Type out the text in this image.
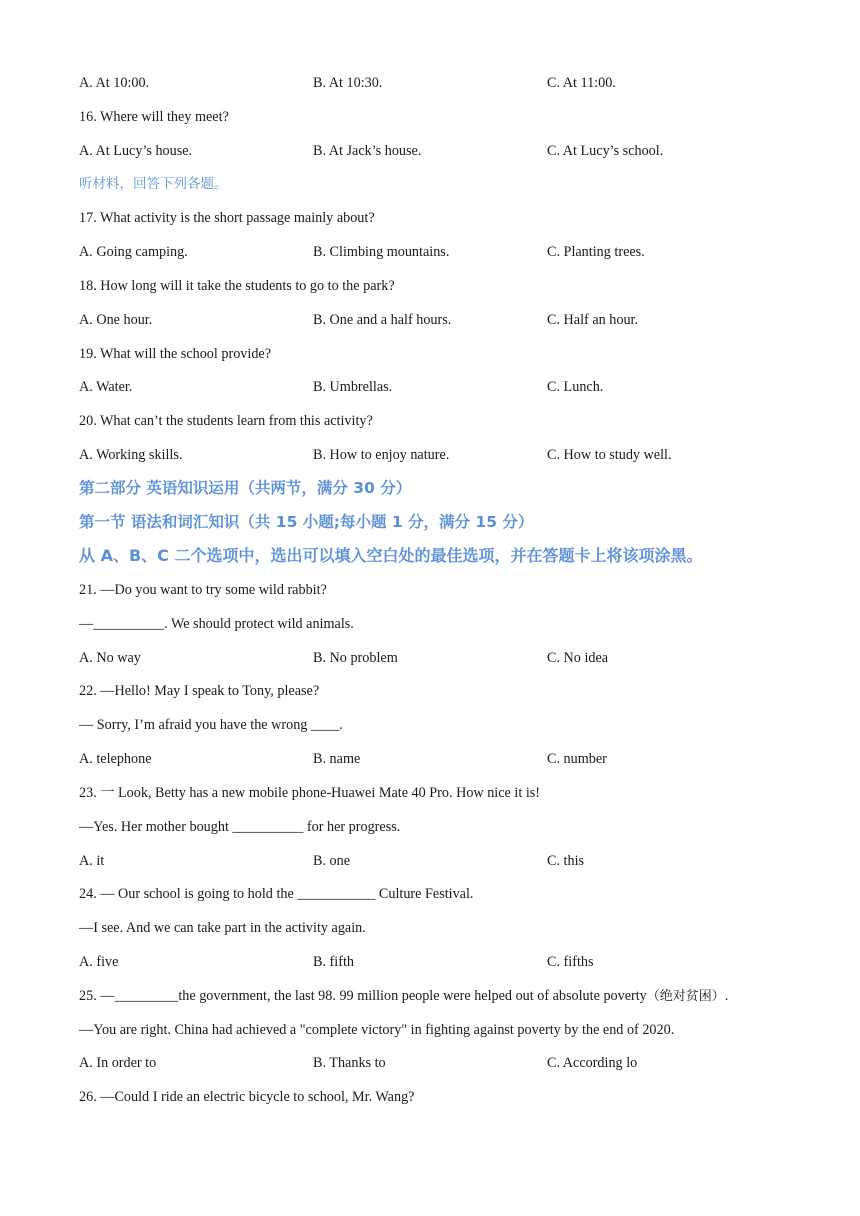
A. At 10:00.	B. At 10:30.	C. At 11:00.
16. Where will they meet?
A. At Lucy’s house.	B. At Jack’s house.	C. At Lucy’s school.
听材料，回答下列各题。
17. What activity is the short passage mainly about?
A. Going camping.	B. Climbing mountains.	C. Planting trees.
18. How long will it take the students to go to the park?
A. One hour.	B. One and a half hours.	C. Half an hour.
19. What will the school provide?
A. Water.	B. Umbrellas.	C. Lunch.
20. What can’t the students learn from this activity?
A. Working skills.	B. How to enjoy nature.	C. How to study well.
第二部分 英语知识运用（共两节，满分 30 分）
第一节 语法和词汇知识（共 15 小题;每小题 1 分，满分 15 分）
从 A、B、C 二个选项中，选出可以填入空白处的最佳选项，并在答题卡上将该项涂黑。
21. —Do you want to try some wild rabbit?
—__________. We should protect wild animals.
A. No way	B. No problem	C. No idea
22. —Hello! May I speak to Tony, please?
— Sorry, I’m afraid you have the wrong ____.
A. telephone	B. name	C. number
23. 一 Look, Betty has a new mobile phone-Huawei Mate 40 Pro. How nice it is!
—Yes. Her mother bought __________ for her progress.
A. it	B. one	C. this
24. — Our school is going to hold the ___________ Culture Festival.
—I see. And we can take part in the activity again.
A. five	B. fifth	C. fifths
25. —_________the government, the last 98. 99 million people were helped out of absolute poverty（绝对贫困）.
—You are right. China had achieved a "complete victory" in fighting against poverty by the end of 2020.
A. In order to	B. Thanks to	C. According lo
26. —Could I ride an electric bicycle to school, Mr. Wang?
